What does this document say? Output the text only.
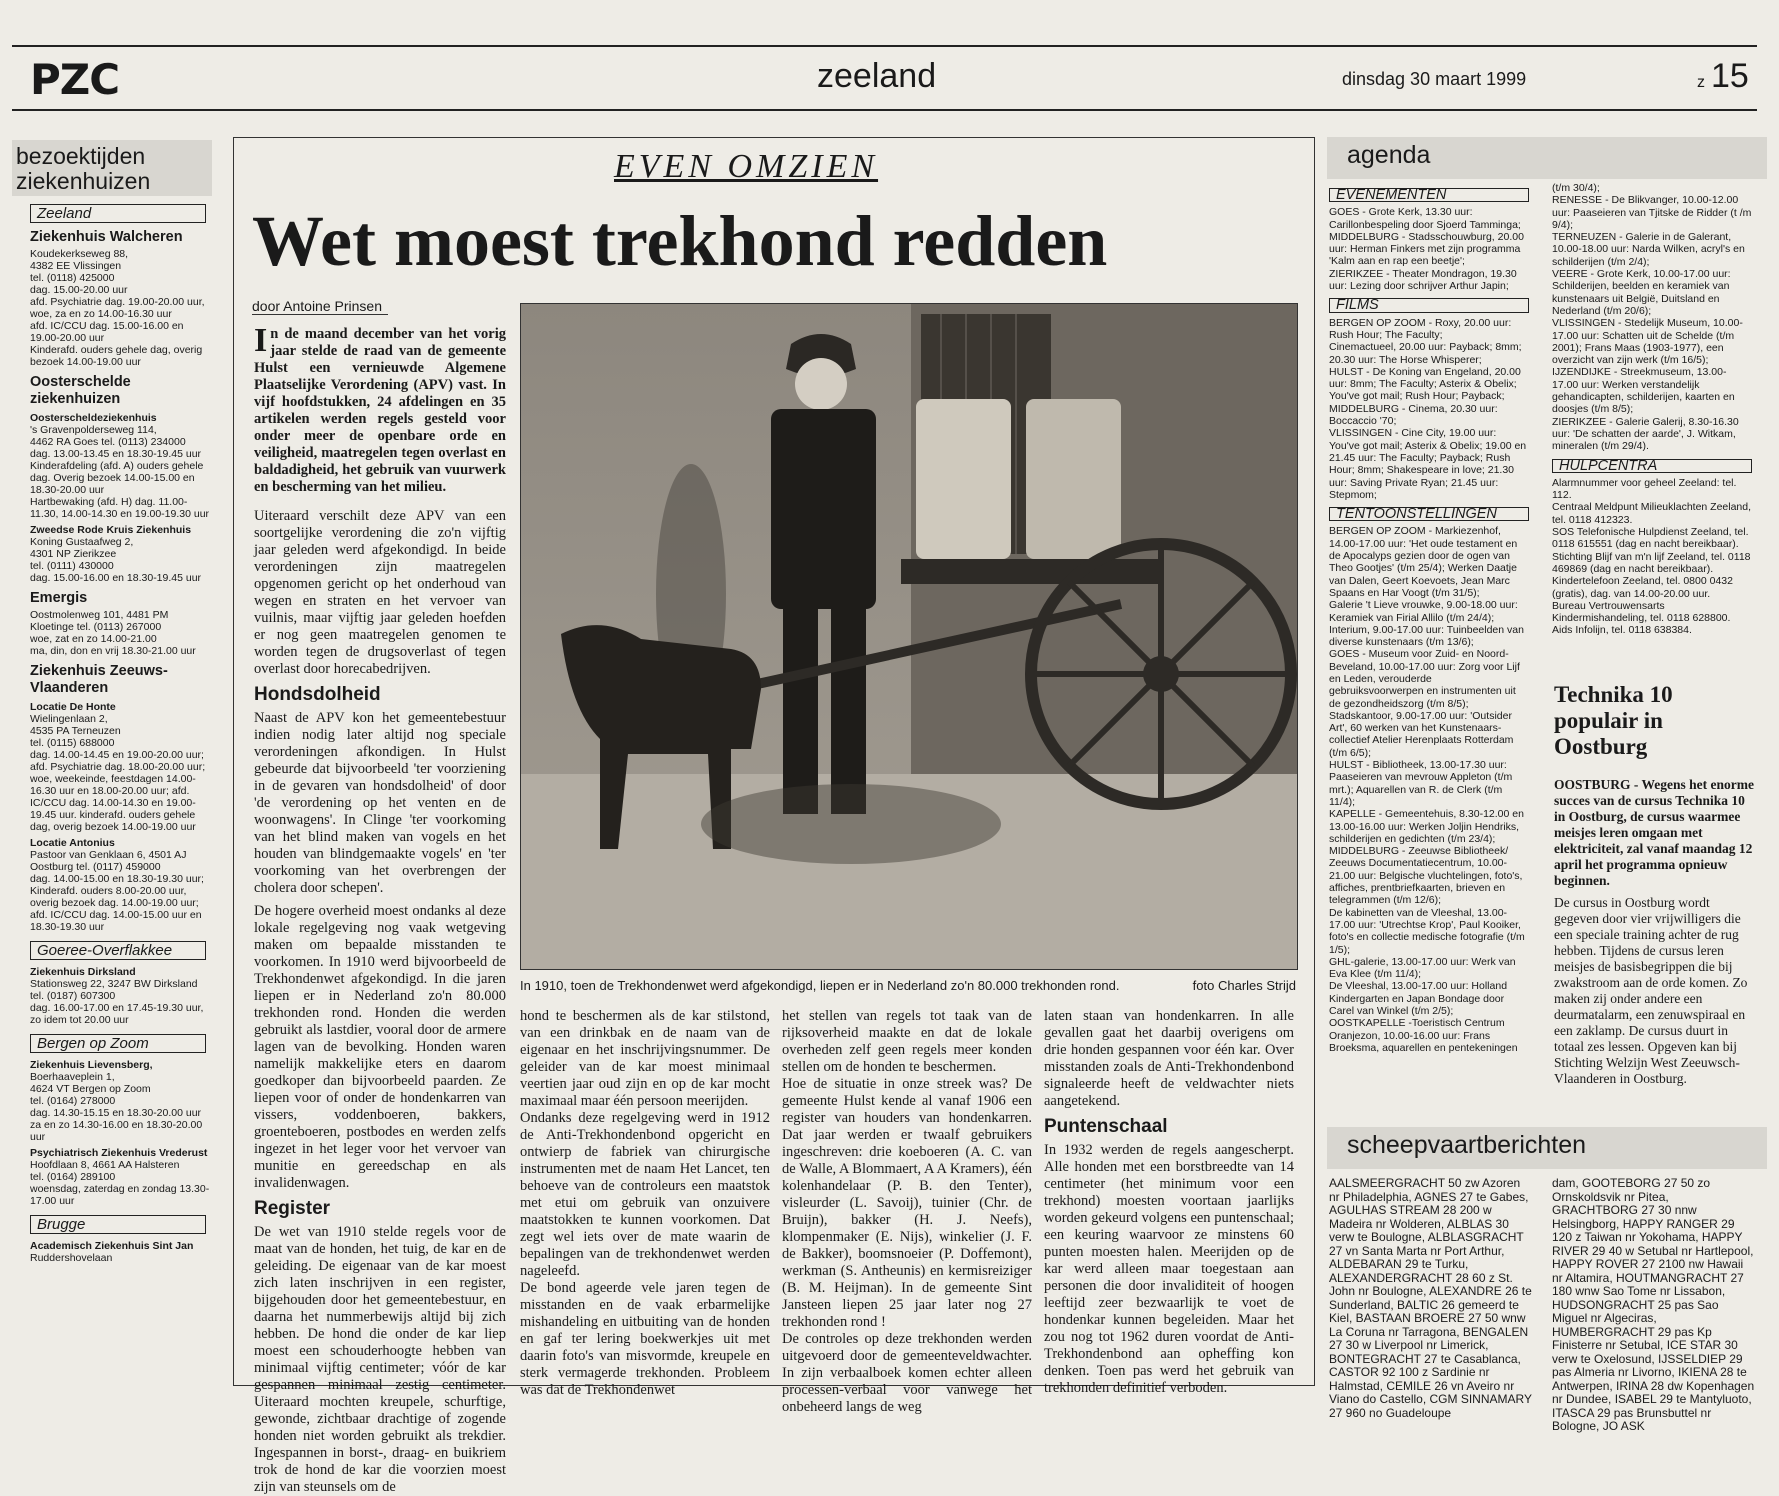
PZC	zeeland	dinsdag 30 maart 1999	z 15
bezoektijden ziekenhuizen
Zeeland
Ziekenhuis Walcheren
Koudekerkseweg 88,
4382 EE Vlissingen
tel. (0118) 425000
dag. 15.00-20.00 uur
afd. Psychiatrie dag. 19.00-20.00 uur, woe, za en zo 14.00-16.30 uur
afd. IC/CCU dag. 15.00-16.00 en 19.00-20.00 uur
Kinderafd. ouders gehele dag, overig bezoek 14.00-19.00 uur
Oosterschelde ziekenhuizen
Oosterscheldeziekenhuis
's Gravenpolderseweg 114,
4462 RA Goes tel. (0113) 234000
dag. 13.00-13.45 en 18.30-19.45 uur
Kinderafdeling (afd. A) ouders gehele dag. Overig bezoek 14.00-15.00 en 18.30-20.00 uur
Hartbewaking (afd. H) dag. 11.00-11.30, 14.00-14.30 en 19.00-19.30 uur
Zweedse Rode Kruis Ziekenhuis
Koning Gustaafweg 2,
4301 NP Zierikzee
tel. (0111) 430000
dag. 15.00-16.00 en 18.30-19.45 uur
Emergis
Oostmolenweg 101, 4481 PM Kloetinge tel. (0113) 267000
woe, zat en zo 14.00-21.00
ma, din, don en vrij 18.30-21.00 uur
Ziekenhuis Zeeuws-Vlaanderen
Locatie De Honte
Wielingenlaan 2,
4535 PA Terneuzen
tel. (0115) 688000
dag. 14.00-14.45 en 19.00-20.00 uur; afd. Psychiatrie dag. 18.00-20.00 uur; woe, weekeinde, feestdagen 14.00-16.30 uur en 18.00-20.00 uur; afd. IC/CCU dag. 14.00-14.30 en 19.00-19.45 uur. kinderafd. ouders gehele dag, overig bezoek 14.00-19.00 uur
Locatie Antonius
Pastoor van Genklaan 6, 4501 AJ Oostburg tel. (0117) 459000
dag. 14.00-15.00 en 18.30-19.30 uur; Kinderafd. ouders 8.00-20.00 uur, overig bezoek dag. 14.00-19.00 uur;
afd. IC/CCU dag. 14.00-15.00 uur en 18.30-19.30 uur
Goeree-Overflakkee
Ziekenhuis Dirksland
Stationsweg 22, 3247 BW Dirksland tel. (0187) 607300
dag. 16.00-17.00 en 17.45-19.30 uur, zo idem tot 20.00 uur
Bergen op Zoom
Ziekenhuis Lievensberg,
Boerhaaveplein 1,
4624 VT Bergen op Zoom
tel. (0164) 278000
dag. 14.30-15.15 en 18.30-20.00 uur
za en zo 14.30-16.00 en 18.30-20.00 uur
Psychiatrisch Ziekenhuis Vrederust
Hoofdlaan 8, 4661 AA Halsteren
tel. (0164) 289100
woensdag, zaterdag en zondag 13.30-17.00 uur
Brugge
Academisch Ziekenhuis Sint Jan
Ruddershovelaan
EVEN OMZIEN
Wet moest trekhond redden
door Antoine Prinsen

In de maand december van het vorig jaar stelde de raad van de gemeente Hulst een vernieuwde Algemene Plaatselijke Verordening (APV) vast. In vijf hoofdstukken, 24 afdelingen en 35 artikelen werden regels gesteld voor onder meer de openbare orde en veiligheid, maatregelen tegen overlast en baldadigheid, het gebruik van vuurwerk en bescherming van het milieu.

Uiteraard verschilt deze APV van een soortgelijke verordening die zo'n vijftig jaar geleden werd afgekondigd. In beide verordeningen zijn maatregelen opgenomen gericht op het onderhoud van wegen en straten en het vervoer van vuilnis, maar vijftig jaar geleden hoefden er nog geen maatregelen genomen te worden tegen de drugsoverlast of tegen overlast door horecabedrijven.

Hondsdolheid

Naast de APV kon het gemeentebestuur indien nodig later altijd nog speciale verordeningen afkondigen. In Hulst gebeurde dat bijvoorbeeld 'ter voorziening in de gevaren van hondsdolheid' of door 'de verordening op het venten en de woonwagens'. In Clinge 'ter voorkoming van het blind maken van vogels en het houden van blindgemaakte vogels' en 'ter voorkoming van het overbrengen der cholera door schepen'.

De hogere overheid moest ondanks al deze lokale regelgeving nog vaak wetgeving maken om bepaalde misstanden te voorkomen. In 1910 werd bijvoorbeeld de Trekhondenwet afgekondigd. In die jaren liepen er in Nederland zo'n 80.000 trekhonden rond. Honden die werden gebruikt als lastdier, vooral door de armere lagen van de bevolking. Honden waren namelijk makkelijke eters en daarom goedkoper dan bijvoorbeeld paarden. Ze liepen voor of onder de hondenkarren van vissers, voddenboeren, bakkers, groenteboeren, postbodes en werden zelfs ingezet in het leger voor het vervoer van munitie en gereedschap en als invalidenwagen.

Register

De wet van 1910 stelde regels voor de maat van de honden, het tuig, de kar en de geleiding. De eigenaar van de kar moest zich laten inschrijven in een register, bijgehouden door het gemeentebestuur, en daarna het nummerbewijs altijd bij zich hebben. De hond die onder de kar liep moest een schouderhoogte hebben van minimaal vijftig centimeter; vóór de kar gespannen minimaal zestig centimeter. Uiteraard mochten kreupele, schurftige, gewonde, zichtbaar drachtige of zogende honden niet worden gebruikt als trekdier. Ingespannen in borst-, draag- en buikriem trok de hond de kar die voorzien moest zijn van steunsels om de

In 1910, toen de Trekhondenwet werd afgekondigd, liepen er in Nederland zo'n 80.000 trekhonden rond.	foto Charles Strijd

hond te beschermen als de kar stilstond, van een drinkbak en de naam van de eigenaar en het inschrijvingsnummer. De geleider van de kar moest minimaal veertien jaar oud zijn en op de kar mocht maximaal maar één persoon meerijden.
Ondanks deze regelgeving werd in 1912 de Anti-Trekhondenbond opgericht en ontwierp de fabriek van chirurgische instrumenten met de naam Het Lancet, ten behoeve van de controleurs een maatstok met etui om gebruik van onzuivere maatstokken te kunnen voorkomen. Dat zegt wel iets over de mate waarin de bepalingen van de trekhondenwet werden nageleefd.
De bond ageerde vele jaren tegen de misstanden en de vaak erbarmelijke mishandeling en uitbuiting van de honden en gaf ter lering boekwerkjes uit met daarin foto's van misvormde, kreupele en sterk vermagerde trekhonden. Probleem was dat de Trekhondenwet

het stellen van regels tot taak van de rijksoverheid maakte en dat de lokale overheden zelf geen regels meer konden stellen om de honden te beschermen.
Hoe de situatie in onze streek was? De gemeente Hulst kende al vanaf 1906 een register van houders van hondenkarren. Dat jaar werden er twaalf gebruikers ingeschreven: drie koeboeren (A. C. van de Walle, A Blommaert, A A Kramers), één kolenhandelaar (P. B. den Tenter), visleurder (L. Savoij), tuinier (Chr. de Bruijn), bakker (H. J. Neefs), klompenmaker (E. Nijs), winkelier (J. F. de Bakker), boomsnoeier (P. Doffemont), werkman (S. Antheunis) en kermisreiziger (B. M. Heijman). In de gemeente Sint Jansteen liepen 25 jaar later nog 27 trekhonden rond !
De controles op deze trekhonden werden uitgevoerd door de gemeenteveldwachter. In zijn verbaalboek komen echter alleen processen-verbaal voor vanwege het onbeheerd langs de weg

laten staan van hondenkarren. In alle gevallen gaat het daarbij overigens om drie honden gespannen voor één kar. Over misstanden zoals de Anti-Trekhondenbond signaleerde heeft de veldwachter niets aangetekend.

Puntenschaal

In 1932 werden de regels aangescherpt. Alle honden met een borstbreedte van 14 centimeter (het minimum voor een trekhond) moesten voortaan jaarlijks worden gekeurd volgens een puntenschaal; een keuring waarvoor ze minstens 60 punten moesten halen. Meerijden op de kar werd alleen maar toegestaan aan personen die door invaliditeit of hoogen leeftijd zeer bezwaarlijk te voet de hondenkar kunnen begeleiden. Maar het zou nog tot 1962 duren voordat de Anti-Trekhondenbond aan opheffing kon denken. Toen pas werd het gebruik van trekhonden definitief verboden.

agenda
EVENEMENTEN
GOES - Grote Kerk, 13.30 uur: Carillonbespeling door Sjoerd Tamminga;
MIDDELBURG - Stadsschouwburg, 20.00 uur: Herman Finkers met zijn programma 'Kalm aan en rap een beetje';
ZIERIKZEE - Theater Mondragon, 19.30 uur: Lezing door schrijver Arthur Japin;
FILMS
BERGEN OP ZOOM - Roxy, 20.00 uur: Rush Hour; The Faculty;
Cinemactueel, 20.00 uur: Payback; 8mm; 20.30 uur: The Horse Whisperer;
HULST - De Koning van Engeland, 20.00 uur: 8mm; The Faculty; Asterix & Obelix; You've got mail; Rush Hour; Payback;
MIDDELBURG - Cinema, 20.30 uur: Boccaccio '70;
VLISSINGEN - Cine City, 19.00 uur: You've got mail; Asterix & Obelix; 19.00 en 21.45 uur: The Faculty; Payback; Rush Hour; 8mm; Shakespeare in love; 21.30 uur: Saving Private Ryan; 21.45 uur: Stepmom;
TENTOONSTELLINGEN
BERGEN OP ZOOM - Markiezenhof, 14.00-17.00 uur: 'Het oude testament en de Apocalyps gezien door de ogen van Theo Gootjes' (t/m 25/4); Werken Daatje van Dalen, Geert Koevoets, Jean Marc Spaans en Har Voogt (t/m 31/5);
Galerie 't Lieve vrouwke, 9.00-18.00 uur: Keramiek van Firial Allilo (t/m 24/4);
Interium, 9.00-17.00 uur: Tuinbeelden van diverse kunstenaars (t/m 13/6);
GOES - Museum voor Zuid- en Noord-Beveland, 10.00-17.00 uur: Zorg voor Lijf en Leden, verouderde gebruiksvoorwerpen en instrumenten uit de gezondheidszorg (t/m 8/5);
Stadskantoor, 9.00-17.00 uur: 'Outsider Art', 60 werken van het Kunstenaars-collectief Atelier Herenplaats Rotterdam (t/m 6/5);
HULST - Bibliotheek, 13.00-17.30 uur: Paaseieren van mevrouw Appleton (t/m mrt.); Aquarellen van R. de Clerk (t/m 11/4);
KAPELLE - Gemeentehuis, 8.30-12.00 en 13.00-16.00 uur: Werken Joljin Hendriks, schilderijen en gedichten (t/m 23/4);
MIDDELBURG - Zeeuwse Bibliotheek/ Zeeuws Documentatiecentrum, 10.00-21.00 uur: Belgische vluchtelingen, foto's, affiches, prentbriefkaarten, brieven en telegrammen (t/m 12/6);
De kabinetten van de Vleeshal, 13.00-17.00 uur: 'Utrechtse Krop', Paul Kooiker, foto's en collectie medische fotografie (t/m 1/5);
GHL-galerie, 13.00-17.00 uur: Werk van Eva Klee (t/m 11/4);
De Vleeshal, 13.00-17.00 uur: Holland Kindergarten en Japan Bondage door Carel van Winkel (t/m 2/5);
OOSTKAPELLE -Toeristisch Centrum Oranjezon, 10.00-16.00 uur: Frans Broeksma, aquarellen en pentekeningen
(t/m 30/4);
RENESSE - De Blikvanger, 10.00-12.00 uur: Paaseieren van Tjitske de Ridder (t /m 9/4);
TERNEUZEN - Galerie in de Galerant, 10.00-18.00 uur: Narda Wilken, acryl's en schilderijen (t/m 2/4);
VEERE - Grote Kerk, 10.00-17.00 uur: Schilderijen, beelden en keramiek van kunstenaars uit België, Duitsland en Nederland (t/m 20/6);
VLISSINGEN - Stedelijk Museum, 10.00-17.00 uur: Schatten uit de Schelde (t/m 2001); Frans Maas (1903-1977), een overzicht van zijn werk (t/m 16/5);
IJZENDIJKE - Streekmuseum, 13.00-17.00 uur: Werken verstandelijk gehandicapten, schilderijen, kaarten en doosjes (t/m 8/5);
ZIERIKZEE - Galerie Galerij, 8.30-16.30 uur: 'De schatten der aarde', J. Witkam, mineralen (t/m 29/4).
HULPCENTRA
Alarmnummer voor geheel Zeeland: tel. 112.
Centraal Meldpunt Milieuklachten Zeeland, tel. 0118 412323.
SOS Telefonische Hulpdienst Zeeland, tel. 0118 615551 (dag en nacht bereikbaar).
Stichting Blijf van m'n lijf Zeeland, tel. 0118 469869 (dag en nacht bereikbaar).
Kindertelefoon Zeeland, tel. 0800 0432 (gratis), dag. van 14.00-20.00 uur.
Bureau Vertrouwensarts Kindermishandeling, tel. 0118 628800.
Aids Infolijn, tel. 0118 638384.
Technika 10 populair in Oostburg
OOSTBURG - Wegens het enorme succes van de cursus Technika 10 in Oostburg, de cursus waarmee meisjes leren omgaan met elektriciteit, zal vanaf maandag 12 april het programma opnieuw beginnen.
De cursus in Oostburg wordt gegeven door vier vrijwilligers die een speciale training achter de rug hebben. Tijdens de cursus leren meisjes de basisbegrippen die bij zwakstroom aan de orde komen. Zo maken zij onder andere een deurmatalarm, een zenuwspiraal en een zaklamp. De cursus duurt in totaal zes lessen. Opgeven kan bij Stichting Welzijn West Zeeuwsch-Vlaanderen in Oostburg.
scheepvaartberichten
AALSMEERGRACHT 50 zw Azoren nr Philadelphia, AGNES 27 te Gabes, AGULHAS STREAM 28 200 w Madeira nr Wolderen, ALBLAS 30 verw te Boulogne, ALBLASGRACHT 27 vn Santa Marta nr Port Arthur, ALDEBARAN 29 te Turku, ALEXANDERGRACHT 28 60 z St. John nr Boulogne, ALEXANDRE 26 te Sunderland, BALTIC 26 gemeerd te Kiel, BASTAAN BROERE 27 50 wnw La Coruna nr Tarragona, BENGALEN 27 30 w Liverpool nr Limerick, BONTEGRACHT 27 te Casablanca, CASTOR 92 100 z Sardinie nr Halmstad, CEMILE 26 vn Aveiro nr Viano do Castello, CGM SINNAMARY 27 960 no Guadeloupe
dam, GOOTEBORG 27 50 zo Ornskoldsvik nr Pitea, GRACHTBORG 27 30 nnw Helsingborg, HAPPY RANGER 29 120 z Taiwan nr Yokohama, HAPPY RIVER 29 40 w Setubal nr Hartlepool, HAPPY ROVER 27 2100 nw Hawaii nr Altamira, HOUTMANGRACHT 27 180 wnw Sao Tome nr Lissabon, HUDSONGRACHT 25 pas Sao Miguel nr Algeciras, HUMBERGRACHT 29 pas Kp Finisterre nr Setubal, ICE STAR 30 verw te Oxelosund, IJSSELDIEP 29 pas Almeria nr Livorno, IKIENA 28 te Antwerpen, IRINA 28 dw Kopenhagen nr Dundee, ISABEL 29 te Mantyluoto, ITASCA 29 pas Brunsbuttel nr Bologne, JO ASK
